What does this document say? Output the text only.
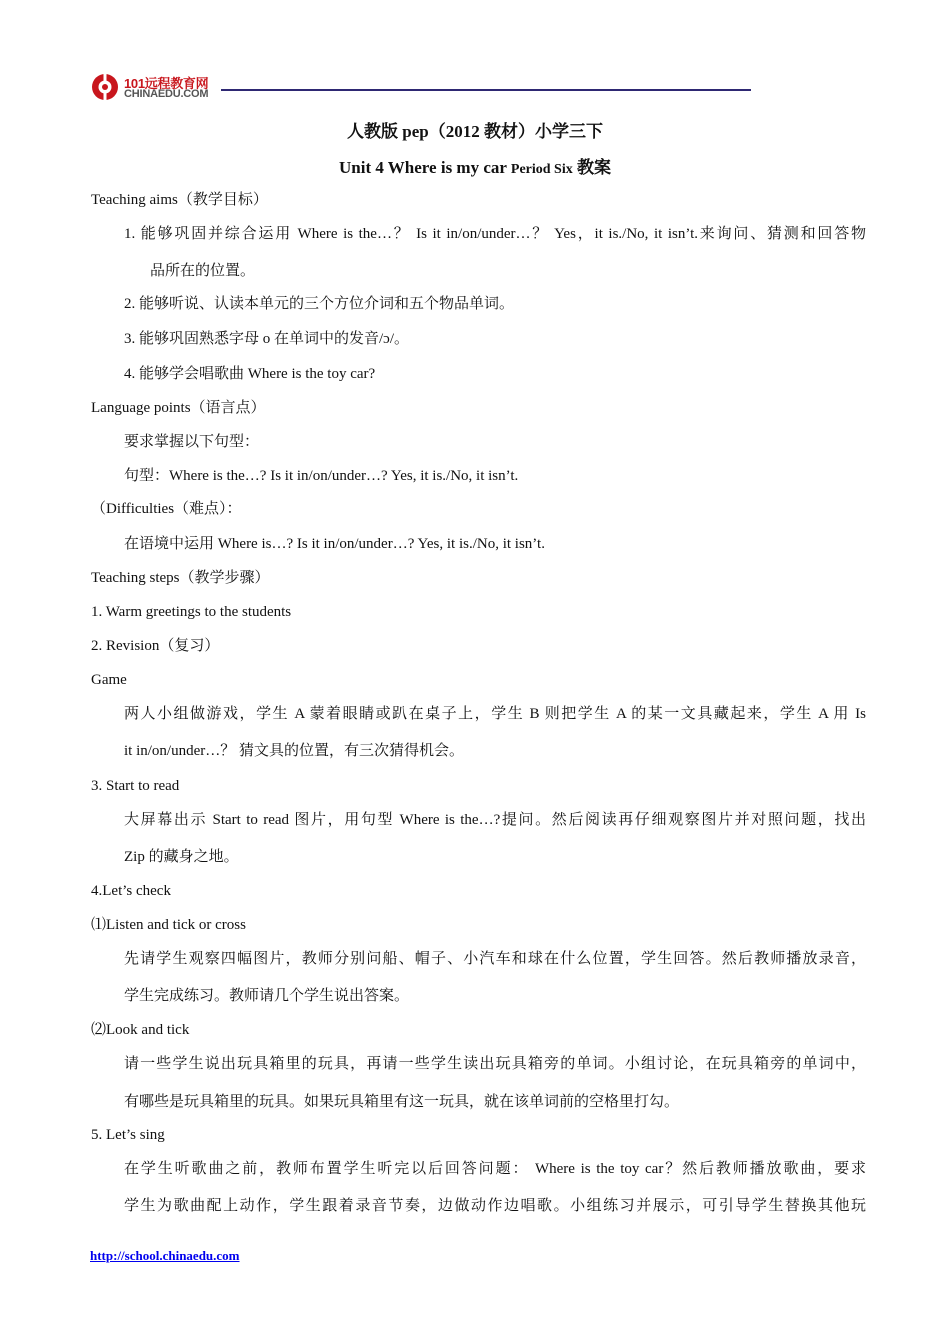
101远程教育网
CHINAEDU.COM
人教版 pep（2012 教材）小学三下
Unit 4 Where is my car Period Six 教案
Teaching aims（教学目标）
1. 能够巩固并综合运用 Where is the…？ Is it in/on/under…？ Yes，it is./No, it isn’t.来询问、猜测和回答物
品所在的位置。
2. 能够听说、认读本单元的三个方位介词和五个物品单词。
3. 能够巩固熟悉字母 o 在单词中的发音/ɔ/。
4. 能够学会唱歌曲 Where is the toy car?
Language points（语言点）
要求掌握以下句型：
句型：Where is the…? Is it in/on/under…? Yes, it is./No, it isn’t.
（Difficulties（难点）：
在语境中运用 Where is…? Is it in/on/under…? Yes, it is./No, it isn’t.
Teaching steps（教学步骤）
1. Warm greetings to the students
2. Revision（复习）
Game
两人小组做游戏，学生 A 蒙着眼睛或趴在桌子上，学生 B 则把学生 A 的某一文具藏起来，学生 A 用 Is
it in/on/under…？ 猜文具的位置，有三次猜得机会。
3. Start to read
大屏幕出示 Start to read 图片，用句型 Where is the…?提问。然后阅读再仔细观察图片并对照问题，找出
Zip 的藏身之地。
4.Let’s check
⑴Listen and tick or cross
先请学生观察四幅图片，教师分别问船、帽子、小汽车和球在什么位置，学生回答。然后教师播放录音，
学生完成练习。教师请几个学生说出答案。
⑵Look and tick
请一些学生说出玩具箱里的玩具，再请一些学生读出玩具箱旁的单词。小组讨论，在玩具箱旁的单词中，
有哪些是玩具箱里的玩具。如果玩具箱里有这一玩具，就在该单词前的空格里打勾。
5. Let’s sing
在学生听歌曲之前，教师布置学生听完以后回答问题： Where is the toy car？然后教师播放歌曲，要求
学生为歌曲配上动作，学生跟着录音节奏，边做动作边唱歌。小组练习并展示，可引导学生替换其他玩
http://school.chinaedu.com
